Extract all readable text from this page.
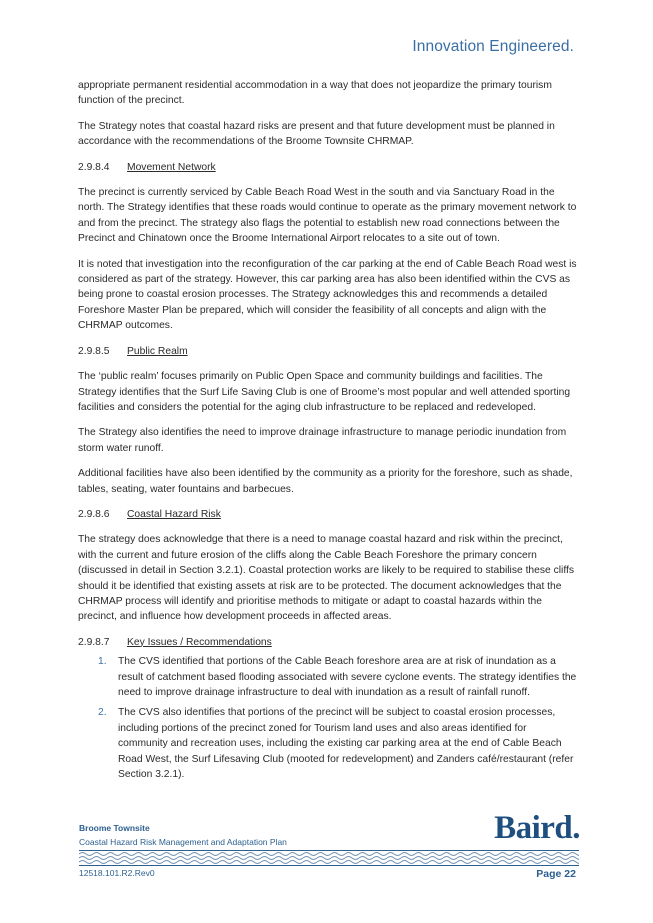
Innovation Engineered.

appropriate permanent residential accommodation in a way that does not jeopardize the primary tourism function of the precinct.

The Strategy notes that coastal hazard risks are present and that future development must be planned in accordance with the recommendations of the Broome Townsite CHRMAP.

2.9.8.4 Movement Network

The precinct is currently serviced by Cable Beach Road West in the south and via Sanctuary Road in the north. The Strategy identifies that these roads would continue to operate as the primary movement network to and from the precinct. The strategy also flags the potential to establish new road connections between the Precinct and Chinatown once the Broome International Airport relocates to a site out of town.

It is noted that investigation into the reconfiguration of the car parking at the end of Cable Beach Road west is considered as part of the strategy. However, this car parking area has also been identified within the CVS as being prone to coastal erosion processes. The Strategy acknowledges this and recommends a detailed Foreshore Master Plan be prepared, which will consider the feasibility of all concepts and align with the CHRMAP outcomes.

2.9.8.5 Public Realm

The ‘public realm’ focuses primarily on Public Open Space and community buildings and facilities. The Strategy identifies that the Surf Life Saving Club is one of Broome’s most popular and well attended sporting facilities and considers the potential for the aging club infrastructure to be replaced and redeveloped.

The Strategy also identifies the need to improve drainage infrastructure to manage periodic inundation from storm water runoff.

Additional facilities have also been identified by the community as a priority for the foreshore, such as shade, tables, seating, water fountains and barbecues.

2.9.8.6 Coastal Hazard Risk

The strategy does acknowledge that there is a need to manage coastal hazard and risk within the precinct, with the current and future erosion of the cliffs along the Cable Beach Foreshore the primary concern (discussed in detail in Section 3.2.1). Coastal protection works are likely to be required to stabilise these cliffs should it be identified that existing assets at risk are to be protected. The document acknowledges that the CHRMAP process will identify and prioritise methods to mitigate or adapt to coastal hazards within the precinct, and influence how development proceeds in affected areas.

2.9.8.7 Key Issues / Recommendations
1. The CVS identified that portions of the Cable Beach foreshore area are at risk of inundation as a result of catchment based flooding associated with severe cyclone events. The strategy identifies the need to improve drainage infrastructure to deal with inundation as a result of rainfall runoff.
2. The CVS also identifies that portions of the precinct will be subject to coastal erosion processes, including portions of the precinct zoned for Tourism land uses and also areas identified for community and recreation uses, including the existing car parking area at the end of Cable Beach Road West, the Surf Lifesaving Club (mooted for redevelopment) and Zanders café/restaurant (refer Section 3.2.1).
Broome Townsite
Coastal Hazard Risk Management and Adaptation Plan	Baird.
12518.101.R2.Rev0	Page 22
